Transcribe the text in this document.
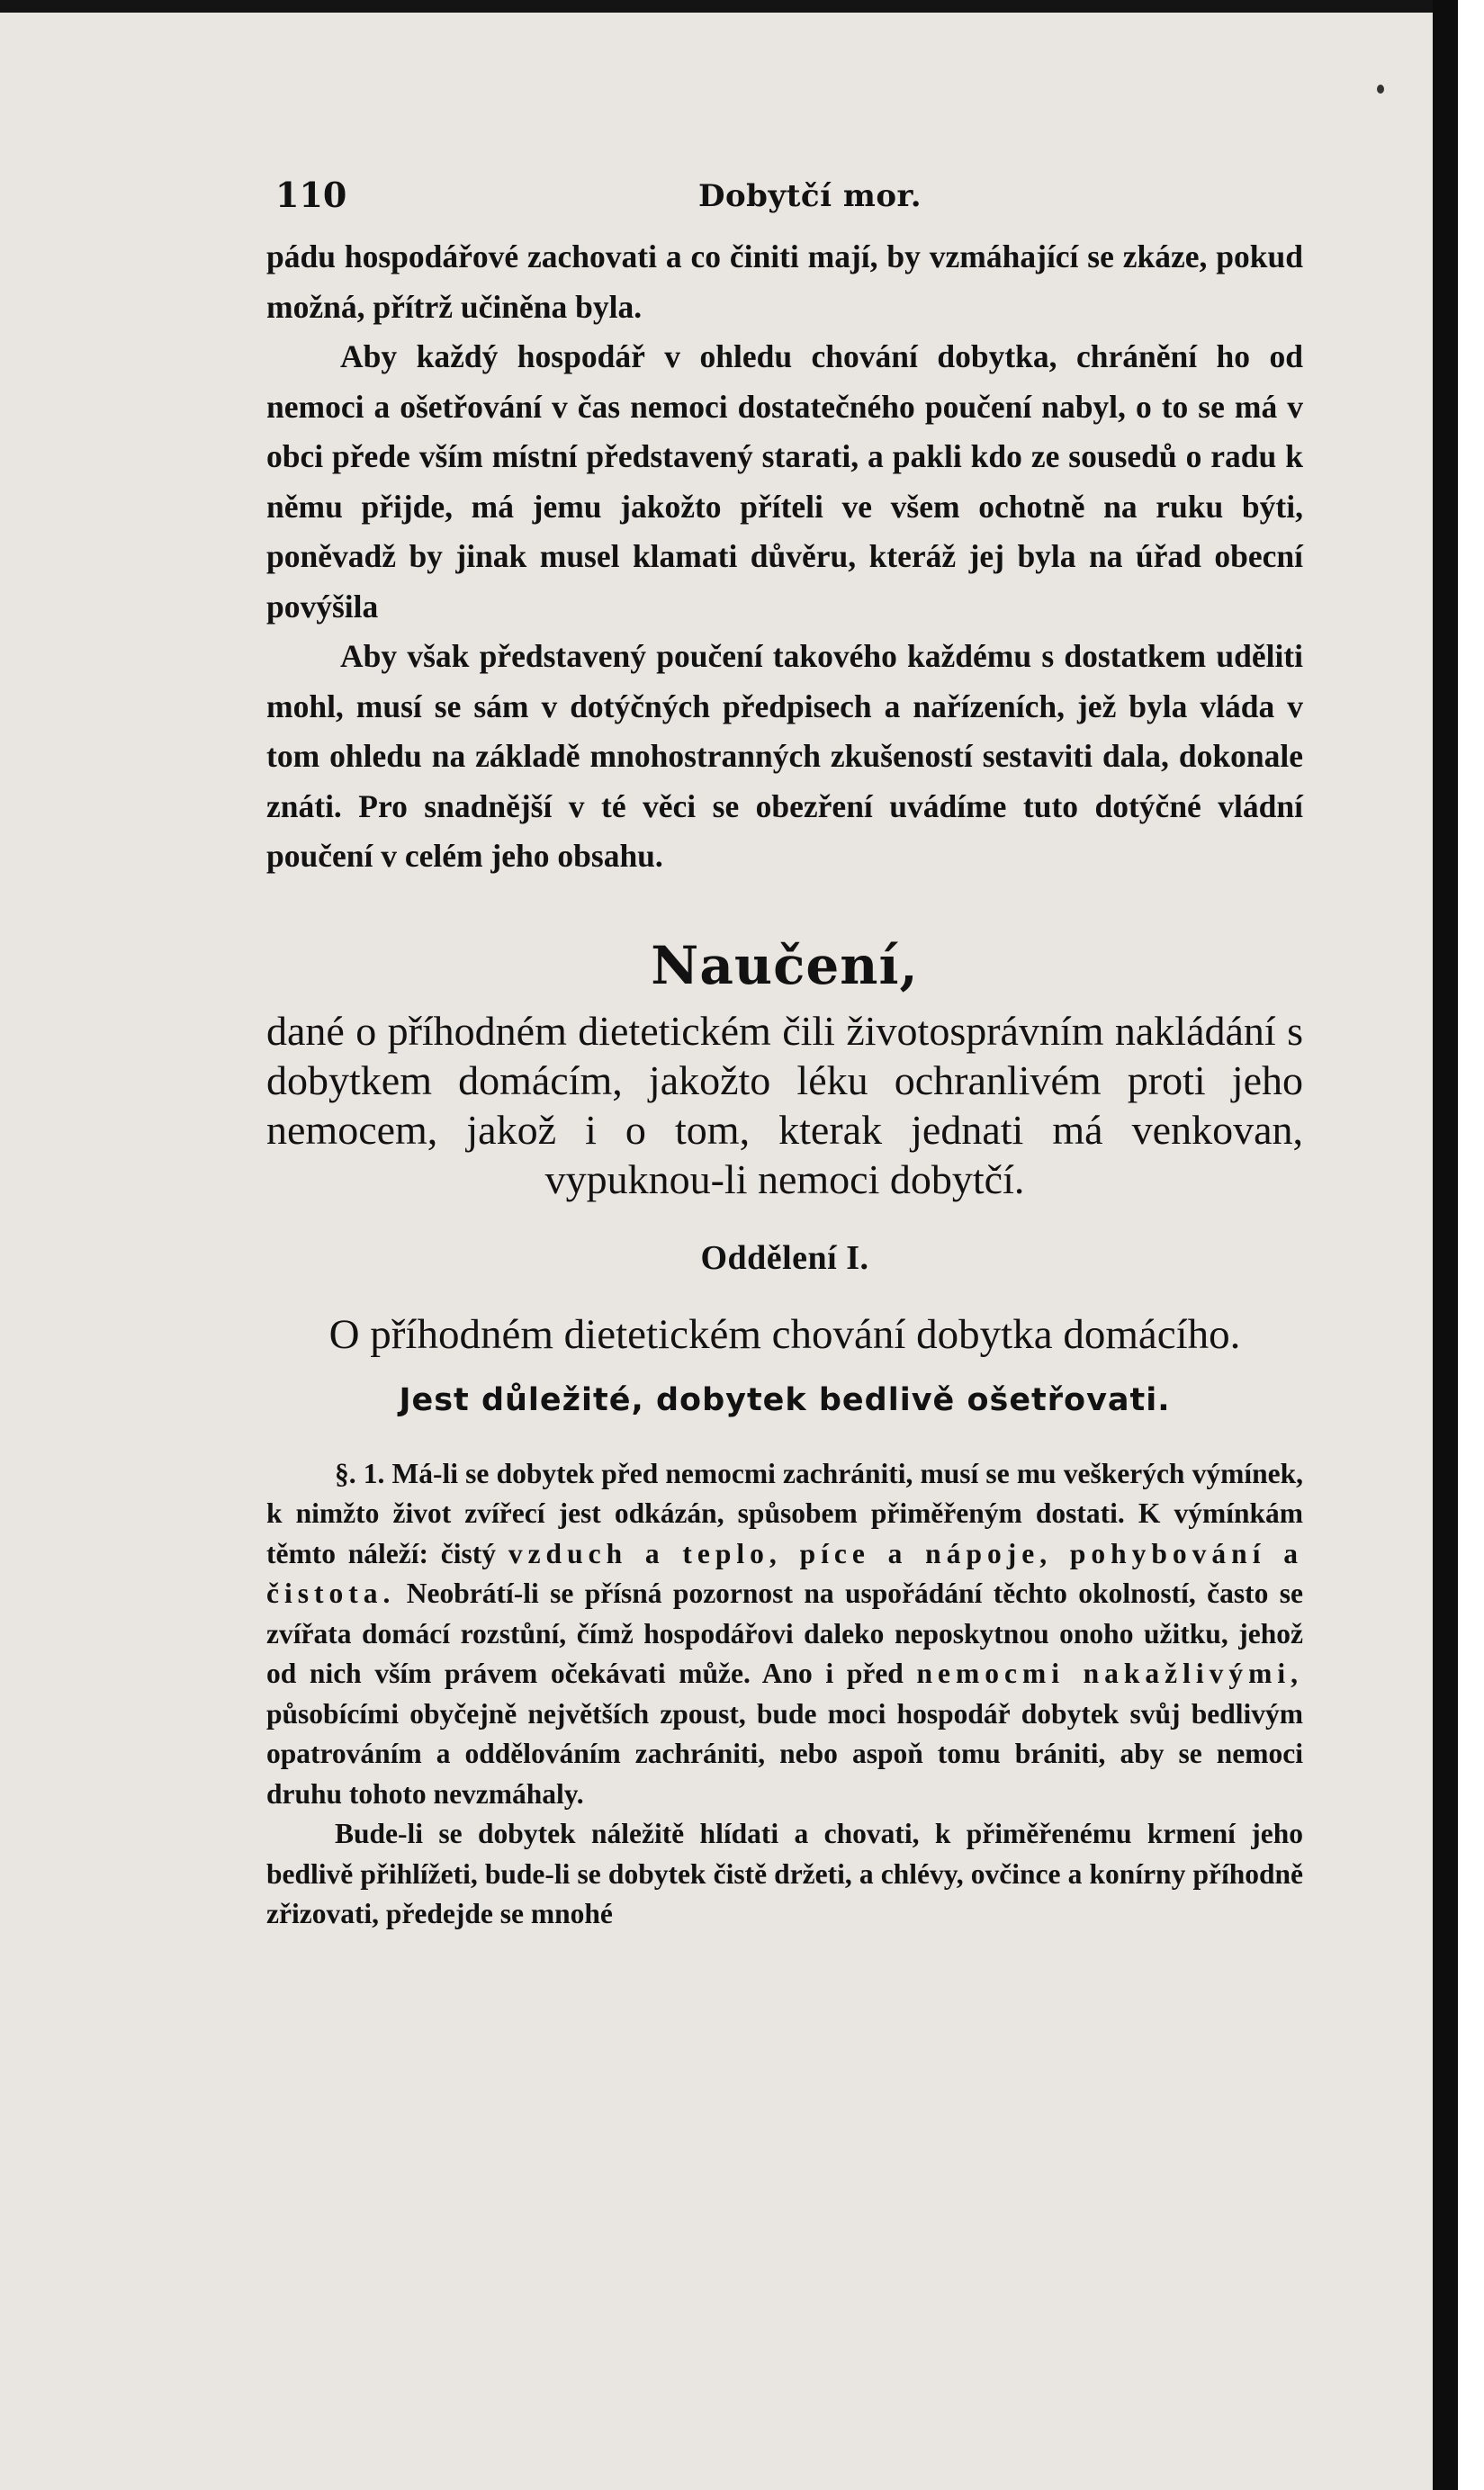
110	Dobytčí mor.

pádu hospodářové zachovati a co činiti mají, by vzmáhající se zkáze, pokud možná, přítrž učiněna byla.

Aby každý hospodář v ohledu chování dobytka, chránění ho od nemoci a ošetřování v čas nemoci dostatečného poučení nabyl, o to se má v obci přede vším místní představený starati, a pakli kdo ze sousedů o radu k němu přijde, má jemu jakožto příteli ve všem ochotně na ruku býti, poněvadž by jinak musel klamati důvěru, kteráž jej byla na úřad obecní povýšila

Aby však představený poučení takového každému s dostatkem uděliti mohl, musí se sám v dotýčných předpisech a nařízeních, jež byla vláda v tom ohledu na základě mnohostranných zkušeností sestaviti dala, dokonale znáti. Pro snadnější v té věci se obezření uvádíme tuto dotýčné vládní poučení v celém jeho obsahu.

Naučení,
dané o příhodném dietetickém čili životosprávním nakládání s dobytkem domácím, jakožto léku ochranlivém proti jeho nemocem, jakož i o tom, kterak jednati má venkovan, vypuknou-li nemoci dobytčí.
Oddělení I.
O příhodném dietetickém chování dobytka domácího.
Jest důležité, dobytek bedlivě ošetřovati.

§. 1. Má-li se dobytek před nemocmi zachrániti, musí se mu veškerých výmínek, k nimžto život zvířecí jest odkázán, spůsobem přiměřeným dostati. K výmínkám těmto náleží: čistý vzduch a teplo, píce a nápoje, pohybování a čistota. Neobrátí-li se přísná pozornost na uspořádání těchto okolností, často se zvířata domácí rozstůní, čímž hospodářovi daleko neposkytnou onoho užitku, jehož od nich vším právem očekávati může. Ano i před nemocmi nakažlivými, působícími obyčejně největších zpoust, bude moci hospodář dobytek svůj bedlivým opatrováním a oddělováním zachrániti, nebo aspoň tomu brániti, aby se nemoci druhu tohoto nevzmáhaly.

Bude-li se dobytek náležitě hlídati a chovati, k přiměřenému krmení jeho bedlivě přihlížeti, bude-li se dobytek čistě držeti, a chlévy, ovčince a konírny příhodně zřizovati, předejde se mnohé
